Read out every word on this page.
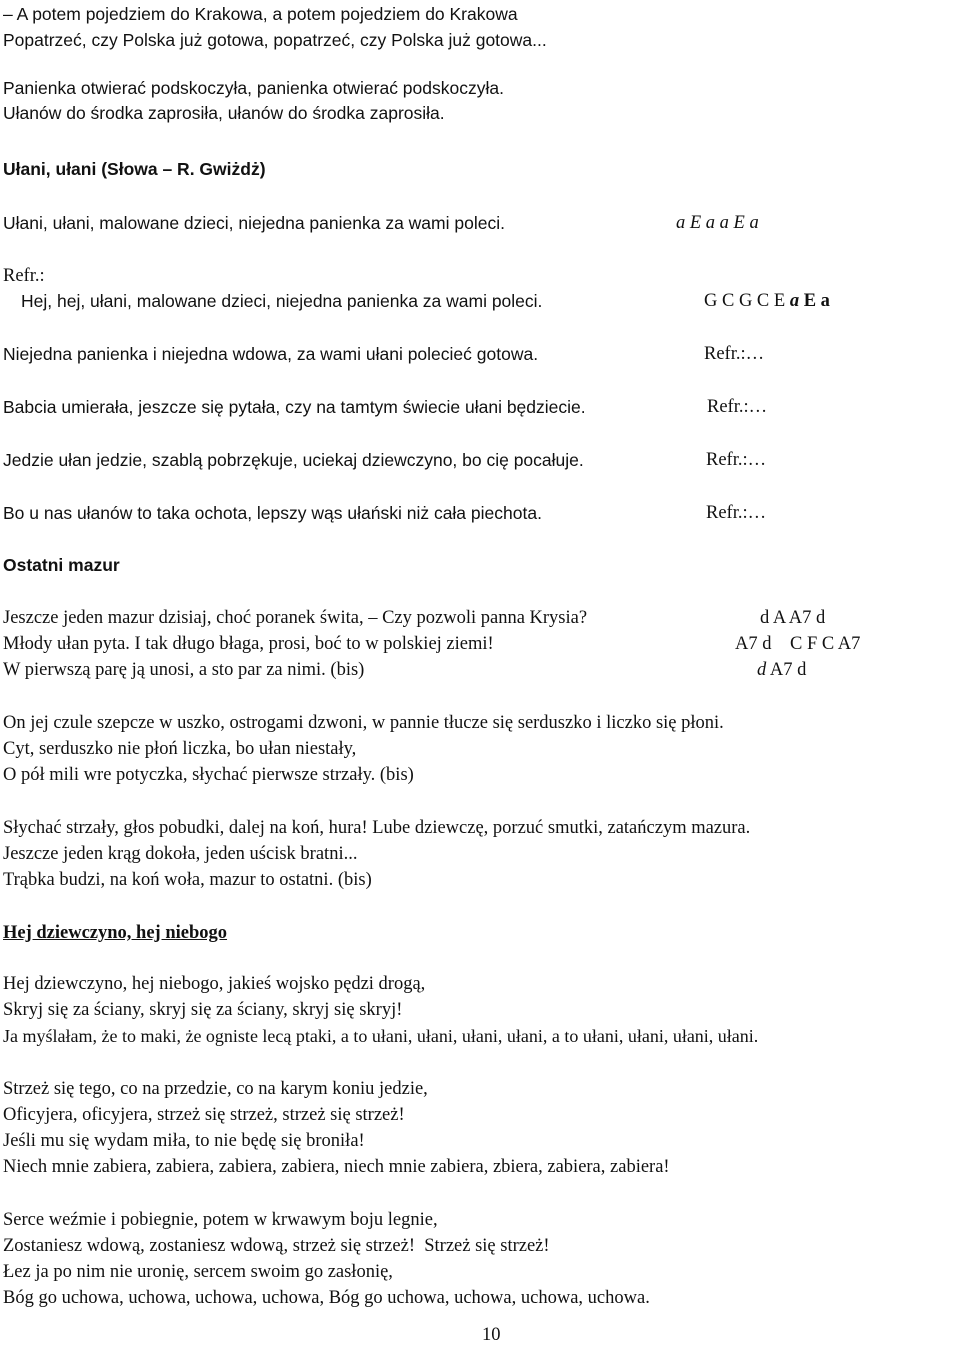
– A potem pojedziem do Krakowa, a potem pojedziem do Krakowa
Popatrzeć, czy Polska już gotowa, popatrzeć, czy Polska już gotowa...
Panienka otwierać podskoczyła, panienka otwierać podskoczyła.
Ułanów do środka zaprosiła, ułanów do środka zaprosiła.
Ułani, ułani (Słowa – R. Gwiżdż)
Ułani, ułani, malowane dzieci, niejedna panienka za wami poleci.	a E a a E a
Refr.:
Hej, hej, ułani, malowane dzieci, niejedna panienka za wami poleci.	G C G C E a E a
Niejedna panienka i niejedna wdowa, za wami ułani polecieć gotowa.	Refr.:…
Babcia umierała, jeszcze się pytała, czy na tamtym świecie ułani będziecie.	Refr.:…
Jedzie ułan jedzie, szablą pobrzękuje, uciekaj dziewczyno, bo cię pocałuje.	Refr.:…
Bo u nas ułanów to taka ochota, lepszy wąs ułański niż cała piechota.	Refr.:…
Ostatni mazur
Jeszcze jeden mazur dzisiaj, choć poranek świta, – Czy pozwoli panna Krysia?	d A A7 d
Młody ułan pyta. I tak długo błaga, prosi, boć to w polskiej ziemi!	A7 d    C F C A7
W pierwszą parę ją unosi, a sto par za nimi. (bis)	d A7 d
On jej czule szepcze w uszko, ostrogami dzwoni, w pannie tłucze się serduszko i liczko się płoni.
Cyt, serduszko nie płoń liczka, bo ułan niestały,
O pół mili wre potyczka, słychać pierwsze strzały. (bis)
Słychać strzały, głos pobudki, dalej na koń, hura! Lube dziewczę, porzuć smutki, zatańczym mazura.
Jeszcze jeden krąg dokoła, jeden uścisk bratni...
Trąbka budzi, na koń woła, mazur to ostatni. (bis)
Hej dziewczyno, hej niebogo
Hej dziewczyno, hej niebogo, jakieś wojsko pędzi drogą,
Skryj się za ściany, skryj się za ściany, skryj się skryj!
Ja myślałam, że to maki, że ogniste lecą ptaki, a to ułani, ułani, ułani, ułani, a to ułani, ułani, ułani, ułani.
Strzeż się tego, co na przedzie, co na karym koniu jedzie,
Oficyjera, oficyjera, strzeż się strzeż, strzeż się strzeż!
Jeśli mu się wydam miła, to nie będę się broniła!
Niech mnie zabiera, zabiera, zabiera, zabiera, niech mnie zabiera, zbiera, zabiera, zabiera!
Serce weźmie i pobiegnie, potem w krwawym boju legnie,
Zostaniesz wdową, zostaniesz wdową, strzeż się strzeż!  Strzeż się strzeż!
Łez ja po nim nie uronię, sercem swoim go zasłonię,
Bóg go uchowa, uchowa, uchowa, uchowa, Bóg go uchowa, uchowa, uchowa, uchowa.
10
